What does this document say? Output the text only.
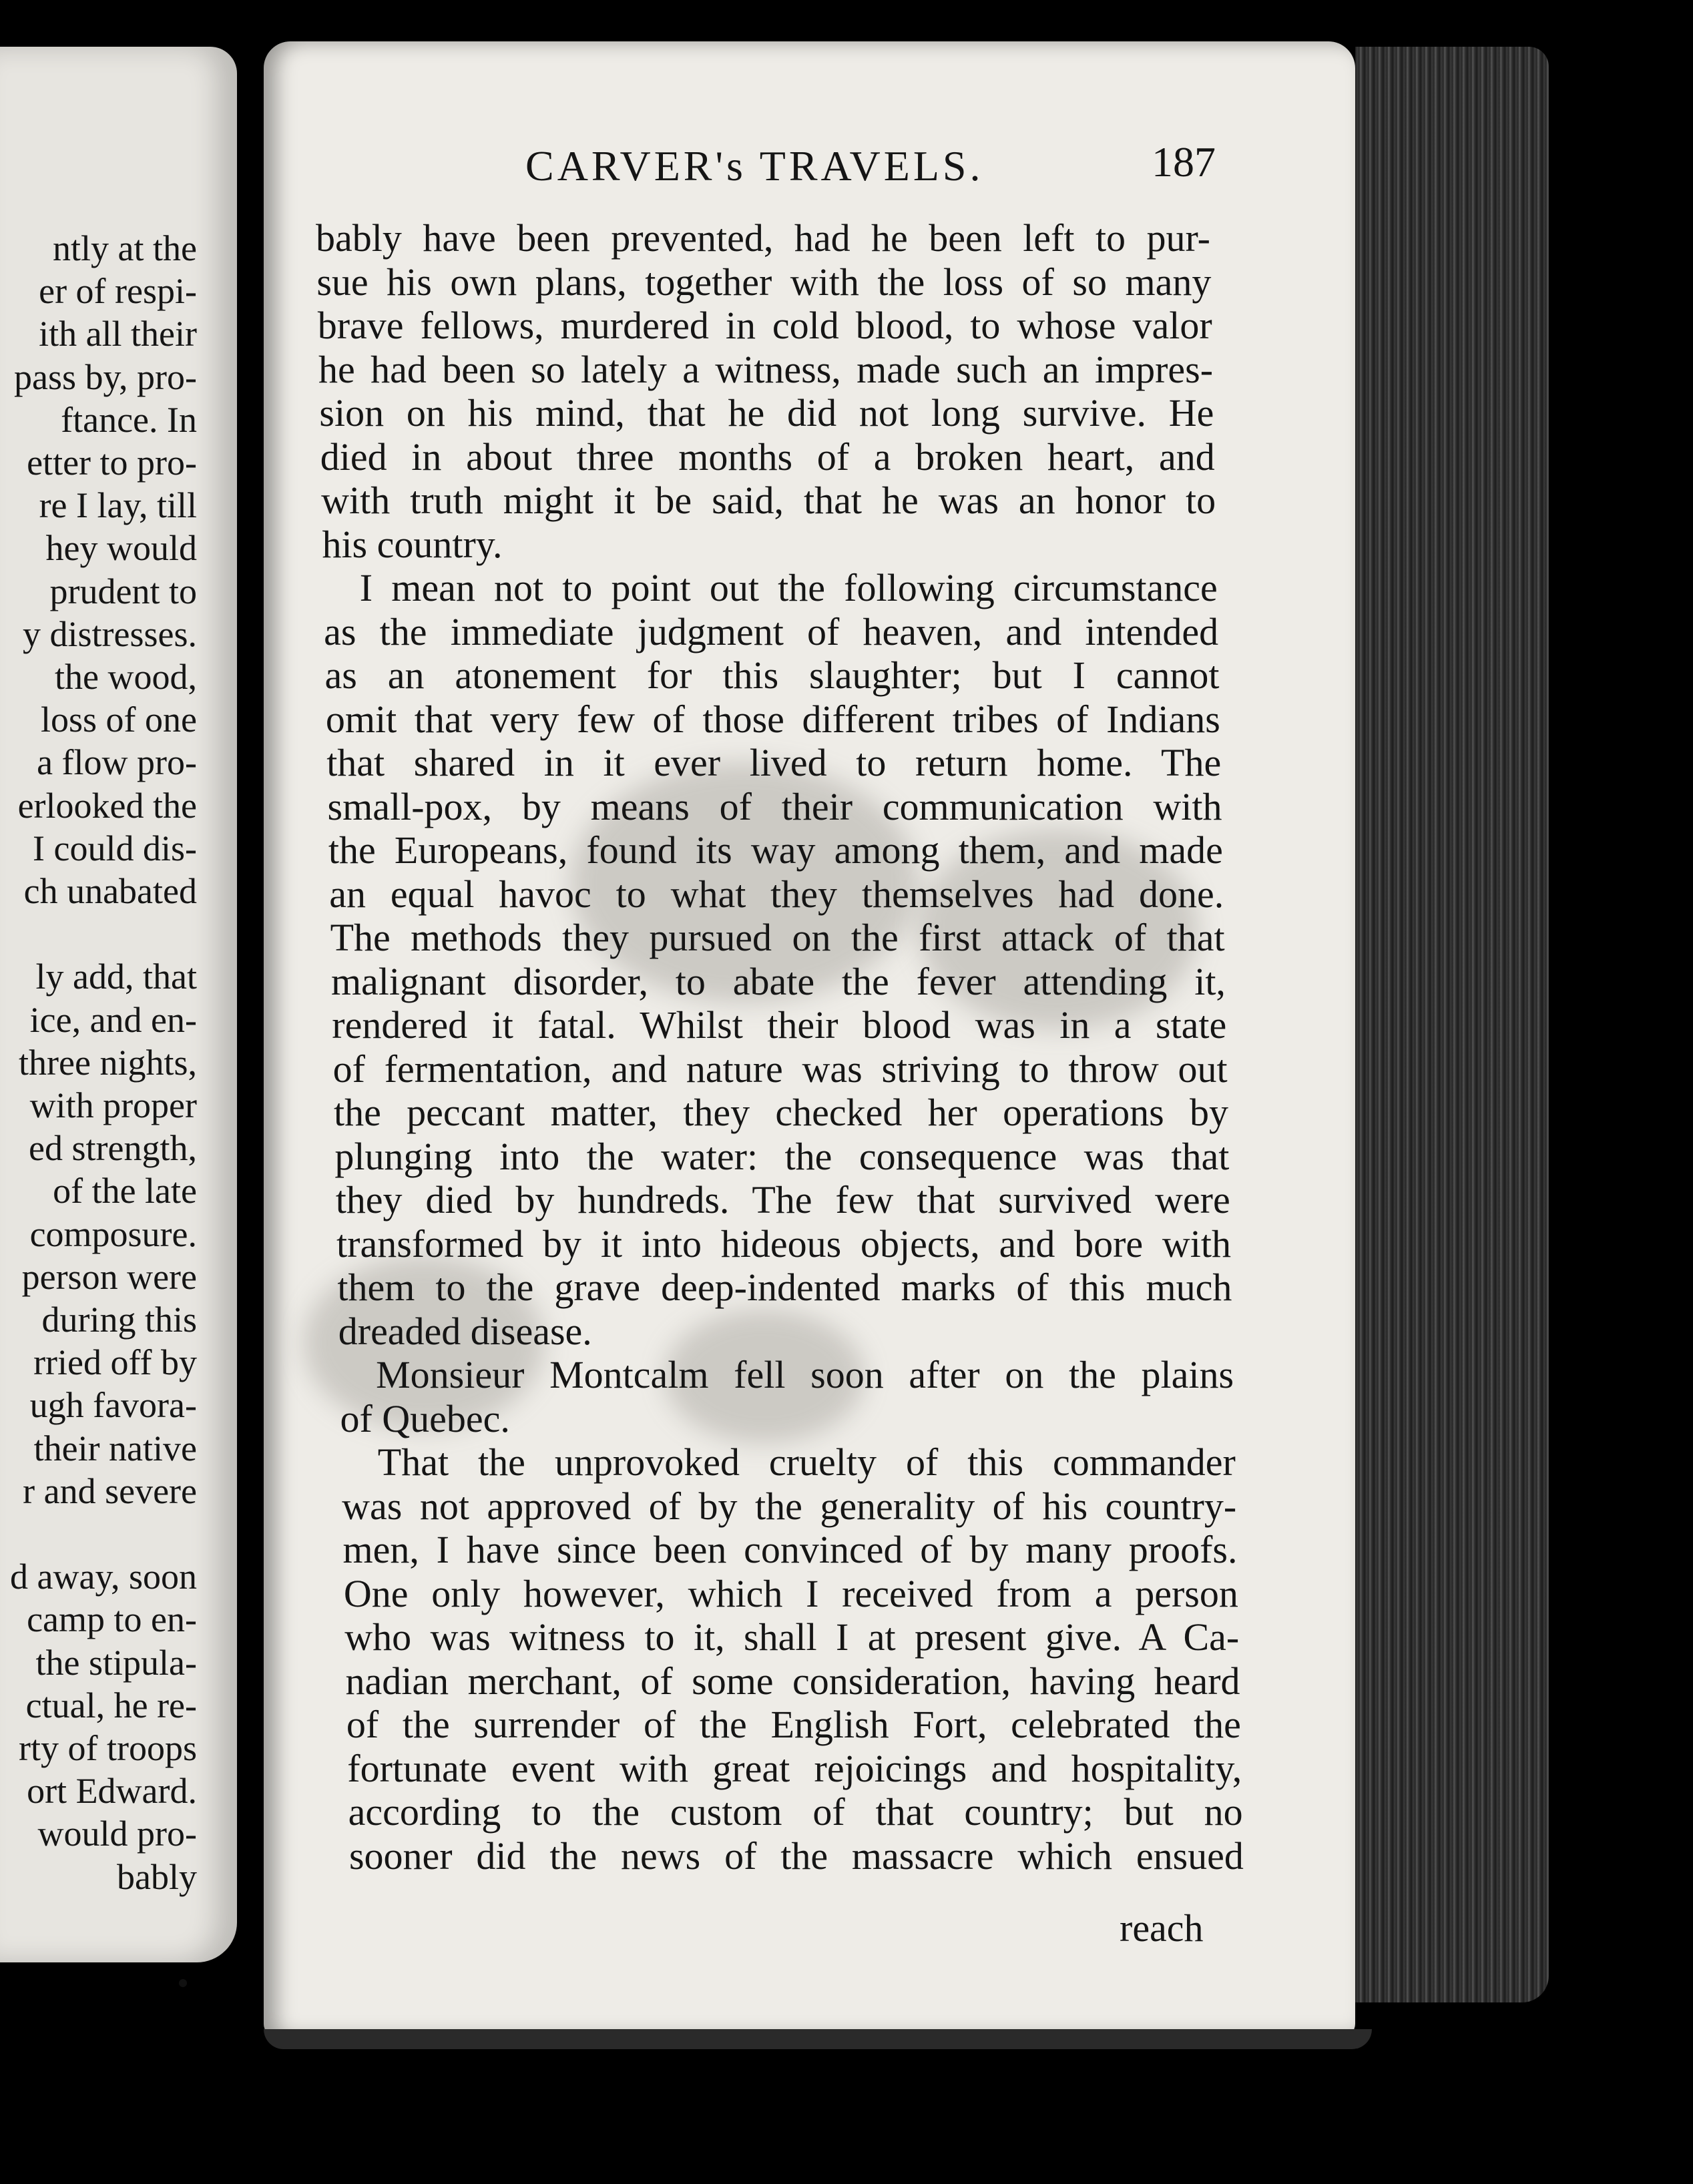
ntly at the
er of respi-
ith all their
pass by, pro-
ftance. In
etter to pro-
re I lay, till
hey would
prudent to
y distresses.
the wood,
loss of one
a flow pro-
erlooked the
I could dis-
ch unabated
ly add, that
ice, and en-
three nights,
with proper
ed strength,
of the late
composure.
person were
during this
rried off by
ugh favora-
their native
r and severe
d away, soon
camp to en-
the stipula-
ctual, he re-
rty of troops
ort Edward.
would pro-
bably
CARVER's TRAVELS.	187
bably have been prevented, had he been left to pur-
sue his own plans, together with the loss of so many
brave fellows, murdered in cold blood, to whose valor
he had been so lately a witness, made such an impres-
sion on his mind, that he did not long survive. He
died in about three months of a broken heart, and
with truth might it be said, that he was an honor to
his country.
I mean not to point out the following circumstance
as the immediate judgment of heaven, and intended
as an atonement for this slaughter; but I cannot
omit that very few of those different tribes of Indians
that shared in it ever lived to return home. The
small-pox, by means of their communication with
the Europeans, found its way among them, and made
an equal havoc to what they themselves had done.
The methods they pursued on the first attack of that
malignant disorder, to abate the fever attending it,
rendered it fatal. Whilst their blood was in a state
of fermentation, and nature was striving to throw out
the peccant matter, they checked her operations by
plunging into the water: the consequence was that
they died by hundreds. The few that survived were
transformed by it into hideous objects, and bore with
them to the grave deep-indented marks of this much
dreaded disease.
Monsieur Montcalm fell soon after on the plains
of Quebec.
That the unprovoked cruelty of this commander
was not approved of by the generality of his country-
men, I have since been convinced of by many proofs.
One only however, which I received from a person
who was witness to it, shall I at present give. A Ca-
nadian merchant, of some consideration, having heard
of the surrender of the English Fort, celebrated the
fortunate event with great rejoicings and hospitality,
according to the custom of that country; but no
sooner did the news of the massacre which ensued
reach
